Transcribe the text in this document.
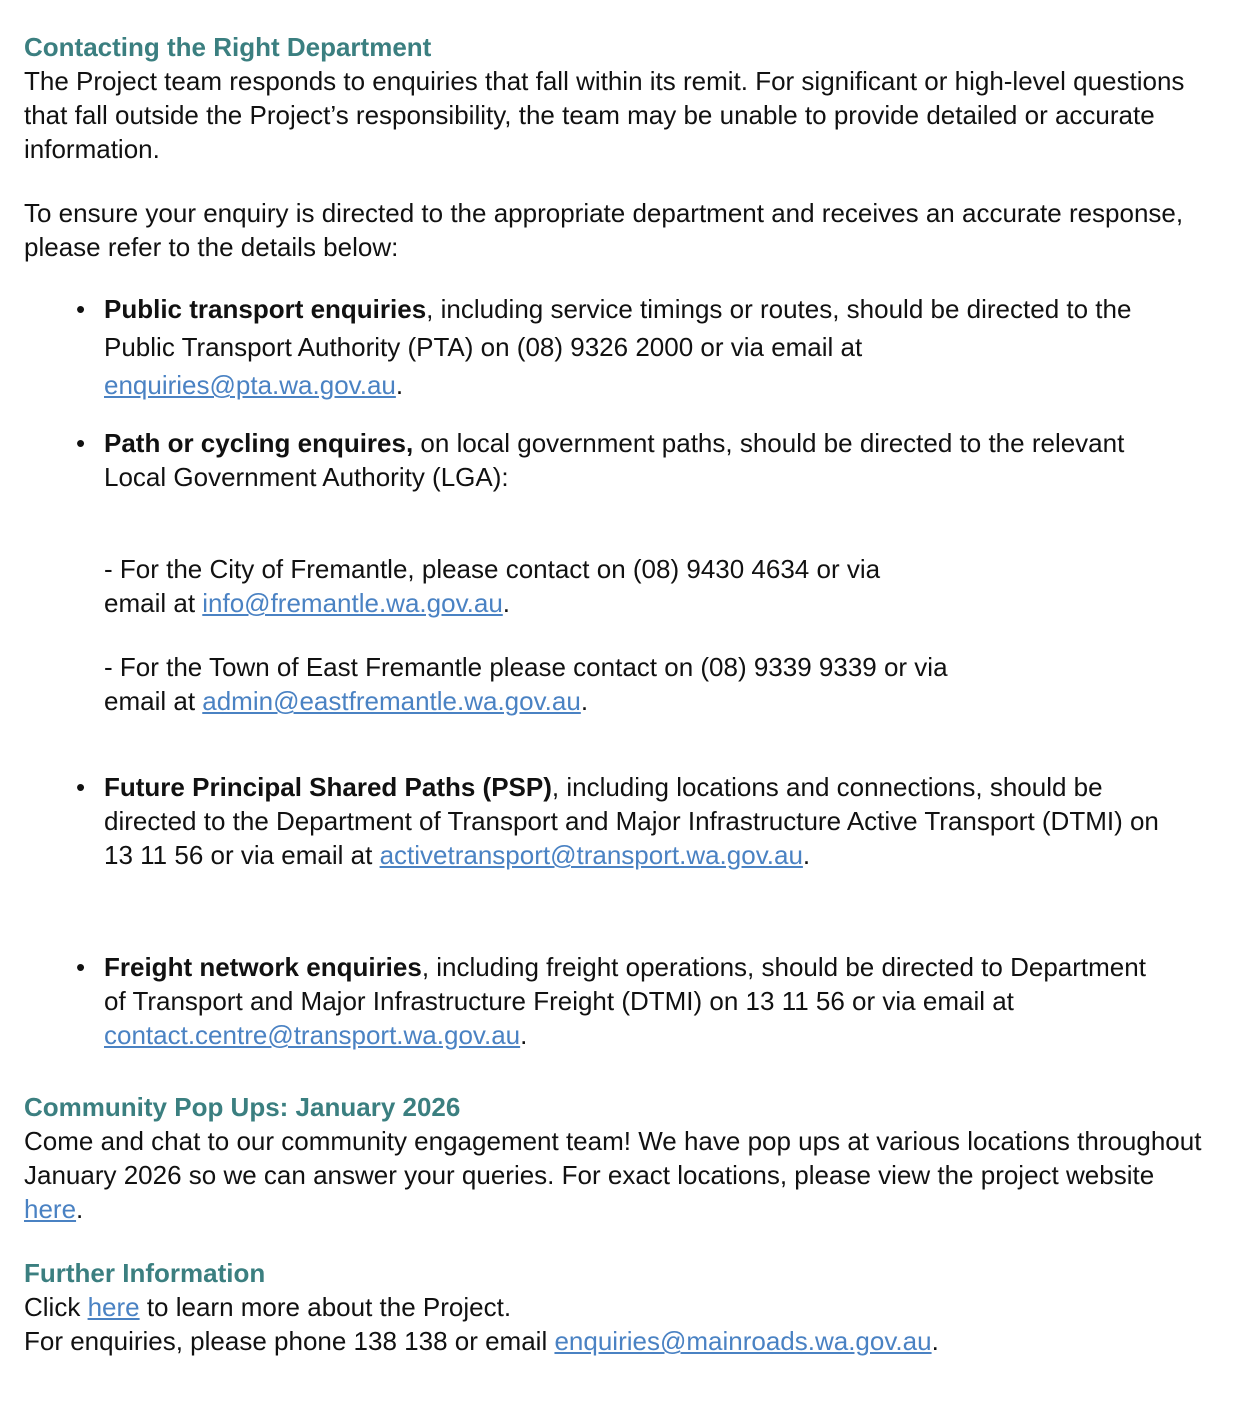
Contacting the Right Department

The Project team responds to enquiries that fall within its remit. For significant or high-level questions that fall outside the Project’s responsibility, the team may be unable to provide detailed or accurate information.

To ensure your enquiry is directed to the appropriate department and receives an accurate response, please refer to the details below:

• Public transport enquiries, including service timings or routes, should be directed to the Public Transport Authority (PTA) on (08) 9326 2000 or via email at enquiries@pta.wa.gov.au.
• Path or cycling enquires, on local government paths, should be directed to the relevant Local Government Authority (LGA):
- For the City of Fremantle, please contact on (08) 9430 4634 or via
email at info@fremantle.wa.gov.au.
- For the Town of East Fremantle please contact on (08) 9339 9339 or via
email at admin@eastfremantle.wa.gov.au.
• Future Principal Shared Paths (PSP), including locations and connections, should be directed to the Department of Transport and Major Infrastructure Active Transport (DTMI) on 13 11 56 or via email at activetransport@transport.wa.gov.au.
• Freight network enquiries, including freight operations, should be directed to Department of Transport and Major Infrastructure Freight (DTMI) on 13 11 56 or via email at contact.centre@transport.wa.gov.au.
Community Pop Ups: January 2026

Come and chat to our community engagement team! We have pop ups at various locations throughout January 2026 so we can answer your queries. For exact locations, please view the project website here.

Further Information

Click here to learn more about the Project.

For enquiries, please phone 138 138 or email enquiries@mainroads.wa.gov.au.
